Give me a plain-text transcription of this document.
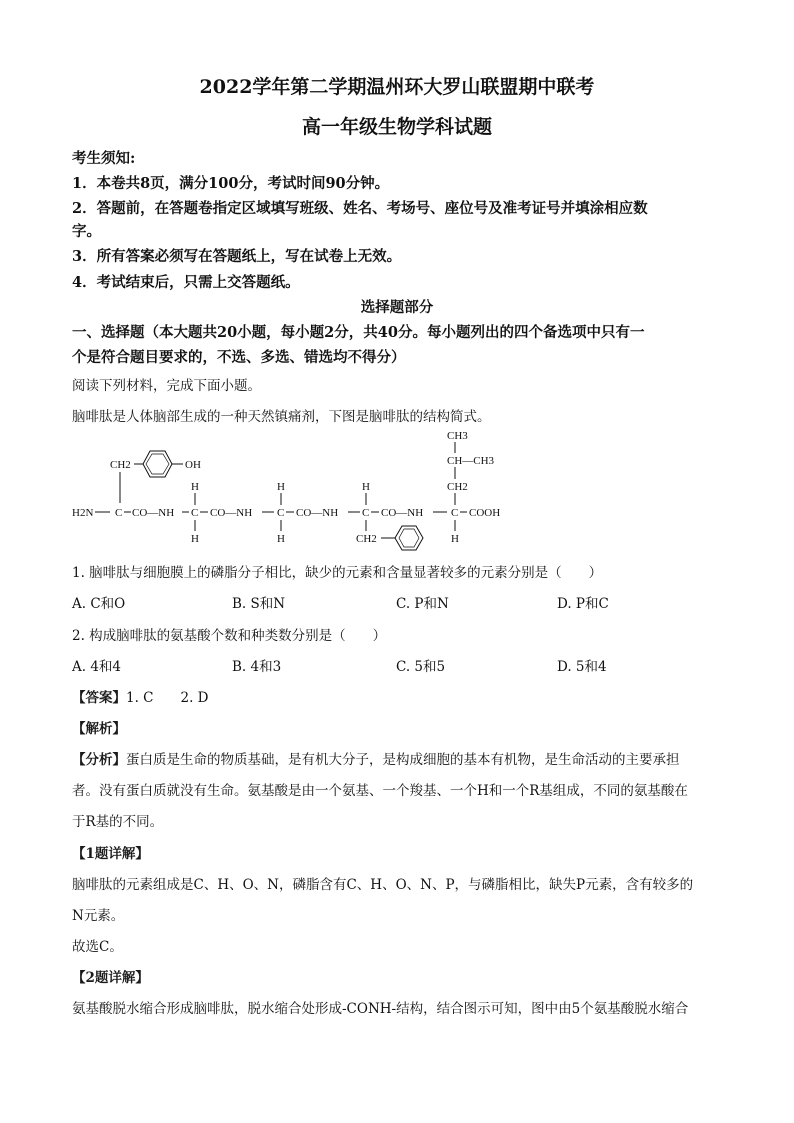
2022学年第二学期温州环大罗山联盟期中联考
高一年级生物学科试题
考生须知:
1．本卷共8页，满分100分，考试时间90分钟。
2．答题前，在答题卷指定区域填写班级、姓名、考场号、座位号及准考证号并填涂相应数
字。
3．所有答案必须写在答题纸上，写在试卷上无效。
4．考试结束后，只需上交答题纸。
选择题部分
一、选择题（本大题共20小题，每小题2分，共40分。每小题列出的四个备选项中只有一
个是符合题目要求的，不选、多选、错选均不得分）
阅读下列材料，完成下面小题。
脑啡肽是人体脑部生成的一种天然镇痛剂，下图是脑啡肽的结构简式。
CH2	OH
CH3
CH—CH3
CH2
H	H	H
H2N C CO—NH C CO—NH C CO—NH C CO—NH	C COOH
H	H	H
CH2
1. 脑啡肽与细胞膜上的磷脂分子相比，缺少的元素和含量显著较多的元素分别是（　　）
A. C和O	B. S和N	C. P和N	D. P和C
2. 构成脑啡肽的氨基酸个数和种类数分别是（　　）
A. 4和4	B. 4和3	C. 5和5	D. 5和4
【答案】1. C　　2. D
【解析】
【分析】蛋白质是生命的物质基础，是有机大分子，是构成细胞的基本有机物，是生命活动的主要承担
者。没有蛋白质就没有生命。氨基酸是由一个氨基、一个羧基、一个H和一个R基组成，不同的氨基酸在
于R基的不同。
【1题详解】
脑啡肽的元素组成是C、H、O、N，磷脂含有C、H、O、N、P，与磷脂相比，缺失P元素，含有较多的
N元素。
故选C。
【2题详解】
氨基酸脱水缩合形成脑啡肽，脱水缩合处形成-CONH-结构，结合图示可知，图中由5个氨基酸脱水缩合
